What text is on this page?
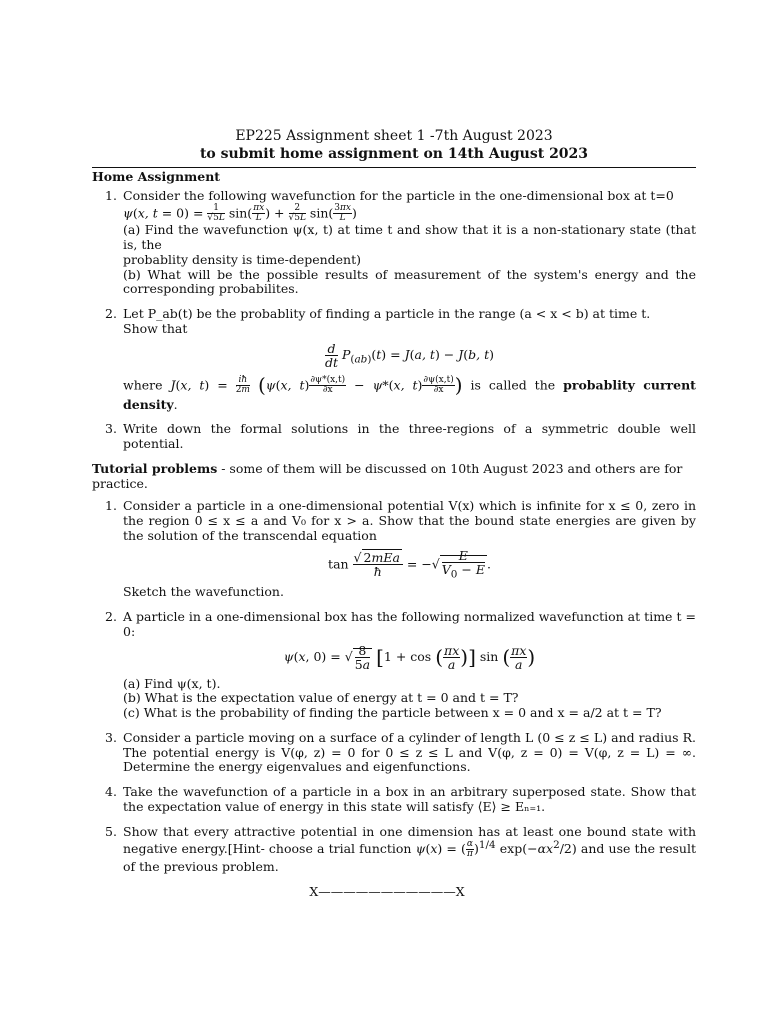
EP225 Assignment sheet 1 -7th August 2023
to submit home assignment on 14th August 2023
Home Assignment
1. Consider the following wavefunction for the particle in the one-dimensional box at t=0
ψ(x, $t = 0) = \frac{1}{√5L} \sin( \frac{\pi x}{L}$ ) + $\frac{2}{√5L} \sin( \frac{3\pi x}{L}$ )
(a) Find the wavefunction ψ(x, t) at time t and show that it is a non-stationary state (that is, the
probablity density is time-dependent)
(b) What will be the possible results of measurement of the system's energy and the corresponding probabilites.
2. Let P_ab(t) be the probablity of finding a particle in the range (a < x < b) at time t.
Show that
$\frac{d}{dt} P_{(ab)}(t) = J(a$, t) − J(b, t)
where J(x, $t) = \frac{iħ}{2m} (\psi(x$, $t) \frac{\partial\psi*(x,t)}{\partial x} - \psi*(x$, $t) \frac{\partial\psi(x,t)}{\partial x}$ ) is called the probablity current density.
3. Write down the formal solutions in the three-regions of a symmetric double well potential.
Tutorial problems - some of them will be discussed on 10th August 2023 and others are for practice.
1. Consider a particle in a one-dimensional potential V(x) which is infinite for x ≤ 0, zero in the region 0 ≤ x ≤ a and V₀ for x > a. Show that the bound state energies are given by the solution of the transcendal equation
$\tan \frac{\text{√ 2mEa}}{ħ}$ = −√ $\frac{E}{V_0 - E}$ .
Sketch the wavefunction.
2. A particle in a one-dimensional box has the following normalized wavefunction at time t = 0:
ψ(x, 0) = √ $\frac{8}{5a} [1 + \cos$ ( $\frac{\pi x}{a}$ )] sin ( $\frac{\pi x}{a}$ )
(a) Find ψ(x, t).
(b) What is the expectation value of energy at t = 0 and t = T?
(c) What is the probability of finding the particle between x = 0 and x = a/2 at t = T?
3. Consider a particle moving on a surface of a cylinder of length L (0 ≤ z ≤ L) and radius R. The potential energy is V(φ, z) = 0 for 0 ≤ z ≤ L and V(φ, z = 0) = V(φ, z = L) = ∞. Determine the energy eigenvalues and eigenfunctions.
4. Take the wavefunction of a particle in a box in an arbitrary superposed state. Show that the expectation value of energy in this state will satisfy ⟨E⟩ ≥ Eₙ₌₁.
5. Show that every attractive potential in one dimension has at least one bound state with negative energy.[Hint- choose a trial function ψ(x) = ( $\frac{\alpha}{\pi} )^{1/4}$ $\exp(-\alpha x^2/2)$ and use the result of the previous problem.
X———————————X
